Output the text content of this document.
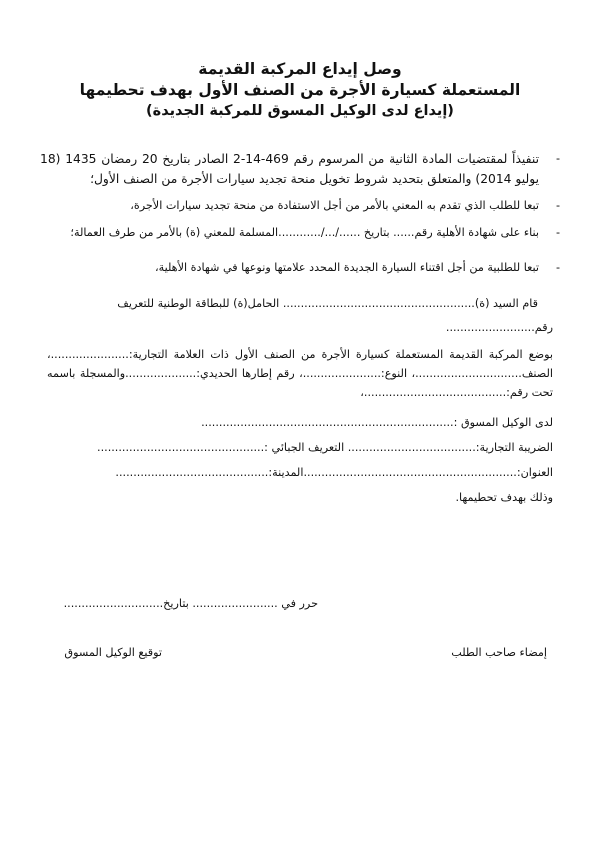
وصل إيداع المركبة القديمة
المستعملة كسيارة الأجرة من الصنف الأول بهدف تحطيمها
(إيداع لدى الوكيل المسوق للمركبة الجديدة)
-
تنفيذاً لمقتضيات المادة الثانية من المرسوم رقم 469-14-2 الصادر بتاريخ 20 رمضان 1435 (18 يوليو 2014) والمتعلق بتحديد شروط تخويل منحة تجديد سيارات الأجرة من الصنف الأول؛
-
تبعا للطلب الذي تقدم به المعني بالأمر من أجل الاستفادة من منحة تجديد سيارات الأجرة،
-
بناء على شهادة الأهلية رقم...... بتاريخ ....../.../............المسلمة للمعني (ة) بالأمر من طرف العمالة؛
-
تبعا للطلبية من أجل اقتناء السيارة الجديدة المحدد علامتها ونوعها في شهادة الأهلية،
قام السيد (ة)...................................................... الحامل(ة) للبطاقة الوطنية للتعريف
رقم.........................
بوضع المركبة القديمة المستعملة كسيارة الأجرة من الصنف الأول ذات العلامة التجارية:......................، الصنف..............................، النوع:......................، رقم إطارها الحديدي:....................والمسجلة باسمه تحت رقم:........................................،
لدى الوكيل المسوق :.......................................................................
الضريبة التجارية:.................................... التعريف الجبائي :...............................................
العنوان:............................................................المدينة:...........................................
وذلك بهدف تحطيمها.
حرر في ........................ بتاريخ............................
إمضاء صاحب الطلب
توقيع الوكيل المسوق
